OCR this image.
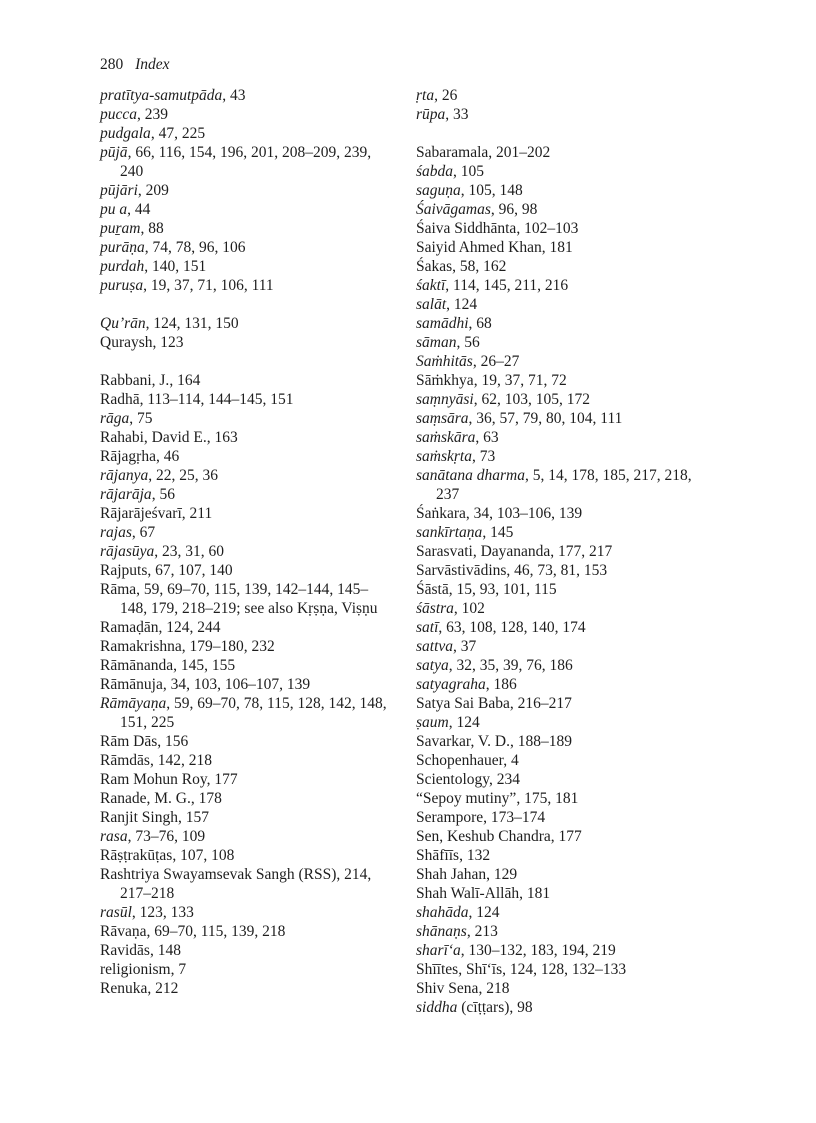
280 Index

pratītya-samutpāda, 43

pucca, 239

pudgala, 47, 225

pūjā, 66, 116, 154, 196, 201, 208–209, 239, 240

pūjāri, 209

pu a, 44

puṟam, 88

purāṇa, 74, 78, 96, 106

purdah, 140, 151

puruṣa, 19, 37, 71, 106, 111

Qu’rān, 124, 131, 150

Quraysh, 123

Rabbani, J., 164

Radhā, 113–114, 144–145, 151

rāga, 75

Rahabi, David E., 163

Rājagṛha, 46

rājanya, 22, 25, 36

rājarāja, 56

Rājarājeśvarī, 211

rajas, 67

rājasūya, 23, 31, 60

Rajputs, 67, 107, 140

Rāma, 59, 69–70, 115, 139, 142–144, 145–148, 179, 218–219; see also Kṛṣṇa, Viṣṇu

Ramaḍān, 124, 244

Ramakrishna, 179–180, 232

Rāmānanda, 145, 155

Rāmānuja, 34, 103, 106–107, 139

Rāmāyaṇa, 59, 69–70, 78, 115, 128, 142, 148, 151, 225

Rām Dās, 156

Rāmdās, 142, 218

Ram Mohun Roy, 177

Ranade, M. G., 178

Ranjit Singh, 157

rasa, 73–76, 109

Rāṣṭrakūṭas, 107, 108

Rashtriya Swayamsevak Sangh (RSS), 214, 217–218

rasūl, 123, 133

Rāvaṇa, 69–70, 115, 139, 218

Ravidās, 148

religionism, 7

Renuka, 212

ṛta, 26

rūpa, 33

Sabaramala, 201–202

śabda, 105

saguṇa, 105, 148

Śaivāgamas, 96, 98

Śaiva Siddhānta, 102–103

Saiyid Ahmed Khan, 181

Śakas, 58, 162

śaktī, 114, 145, 211, 216

salāt, 124

samādhi, 68

sāman, 56

Saṁhitās, 26–27

Sāṁkhya, 19, 37, 71, 72

saṃnyāsi, 62, 103, 105, 172

saṃsāra, 36, 57, 79, 80, 104, 111

saṁskāra, 63

saṁskṛta, 73

sanātana dharma, 5, 14, 178, 185, 217, 218, 237

Śaṅkara, 34, 103–106, 139

sankīrtaṇa, 145

Sarasvati, Dayananda, 177, 217

Sarvāstivādins, 46, 73, 81, 153

Śāstā, 15, 93, 101, 115

śāstra, 102

satī, 63, 108, 128, 140, 174

sattva, 37

satya, 32, 35, 39, 76, 186

satyagraha, 186

Satya Sai Baba, 216–217

ṣaum, 124

Savarkar, V. D., 188–189

Schopenhauer, 4

Scientology, 234

“Sepoy mutiny”, 175, 181

Serampore, 173–174

Sen, Keshub Chandra, 177

Shāfīīs, 132

Shah Jahan, 129

Shah Walī-Allāh, 181

shahāda, 124

shānaṇs, 213

sharī‘a, 130–132, 183, 194, 219

Shīītes, Shī‘īs, 124, 128, 132–133

Shiv Sena, 218

siddha (cīṭṭars), 98
